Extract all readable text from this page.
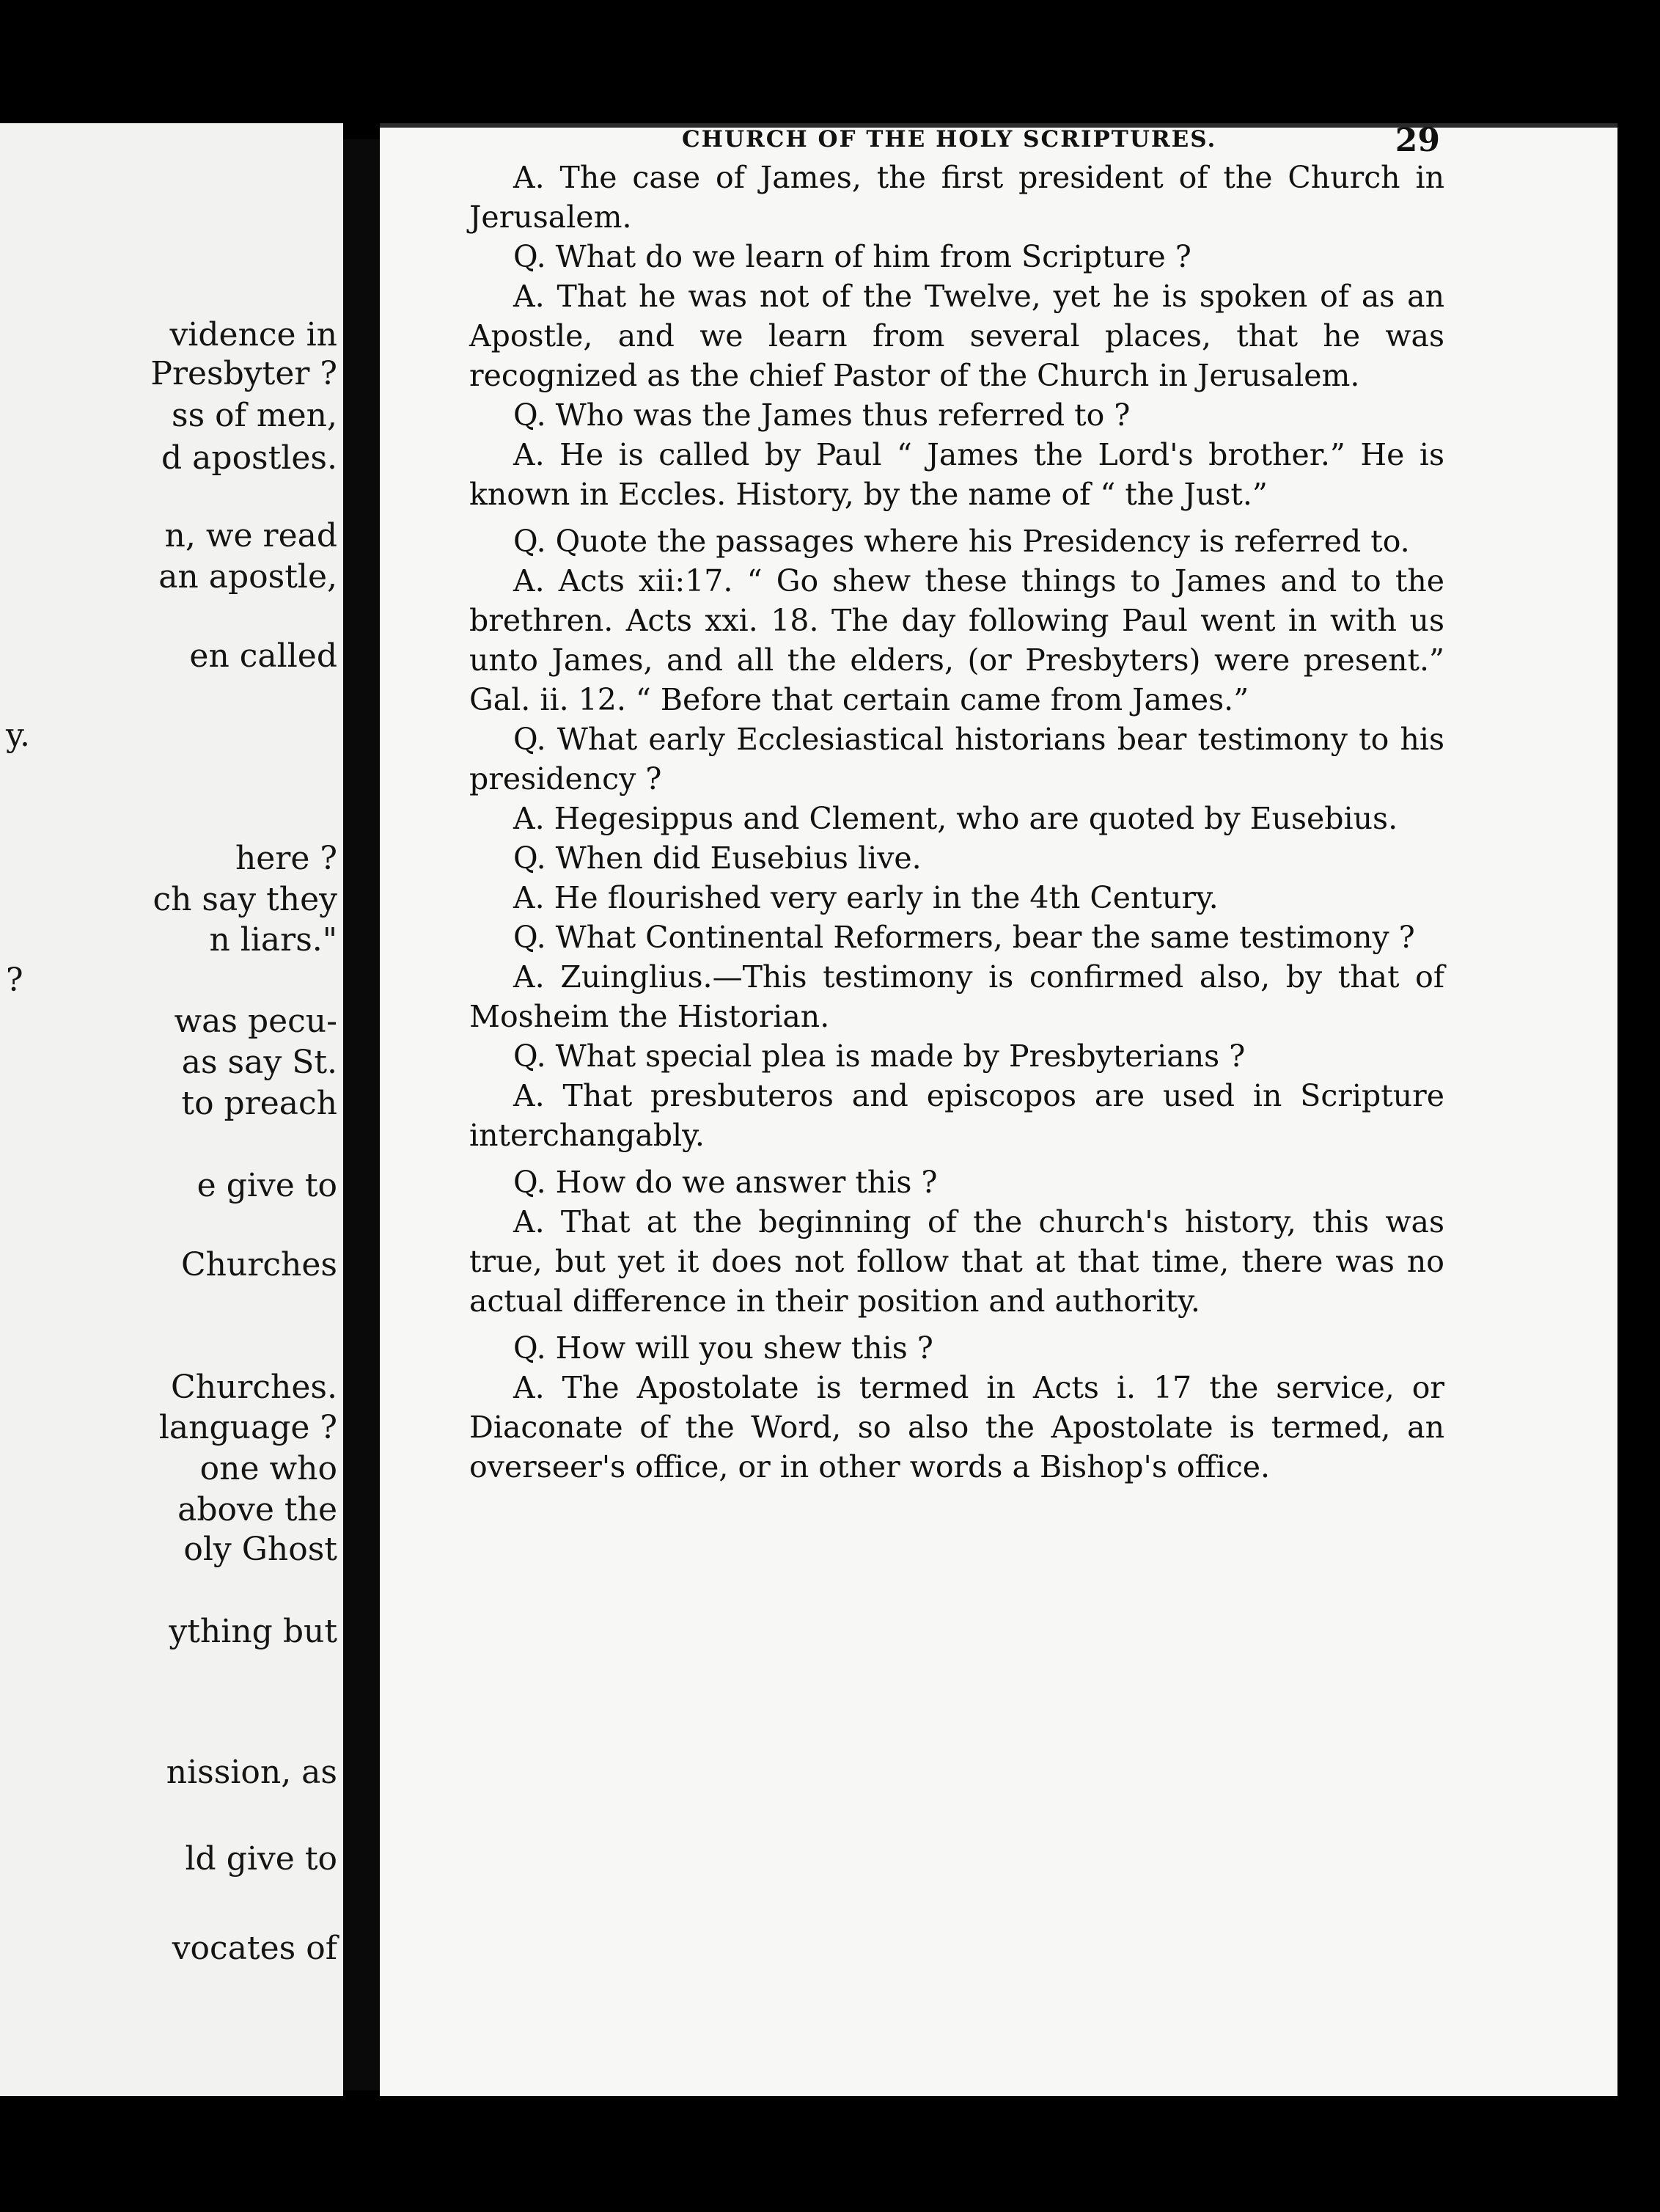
vidence in
Presbyter ?
ss of men,
d apostles.
n, we read
an apostle,
en called
y.
here ?
ch say they
n liars."
?
was pecu-
as say St.
to preach
e give to
Churches
Churches.
language ?
one who
above the
oly Ghost
ything but
nission, as
ld give to
vocates of
CHURCH OF THE HOLY SCRIPTURES.	29

A. The case of James, the first president of the Church in Jerusalem.

Q. What do we learn of him from Scripture ?

A. That he was not of the Twelve, yet he is spoken of as an Apostle, and we learn from several places, that he was recognized as the chief Pastor of the Church in Jerusalem.

Q. Who was the James thus referred to ?

A. He is called by Paul “ James the Lord's brother.” He is known in Eccles. History, by the name of “ the Just.”

Q. Quote the passages where his Presidency is referred to.

A. Acts xii:17. “ Go shew these things to James and to the brethren. Acts xxi. 18. The day following Paul went in with us unto James, and all the elders, (or Presbyters) were present.” Gal. ii. 12. “ Before that certain came from James.”

Q. What early Ecclesiastical historians bear testimony to his presidency ?

A. Hegesippus and Clement, who are quoted by Eusebius.

Q. When did Eusebius live.

A. He flourished very early in the 4th Century.

Q. What Continental Reformers, bear the same testimony ?

A. Zuinglius.—This testimony is confirmed also, by that of Mosheim the Historian.

Q. What special plea is made by Presbyterians ?

A. That presbuteros and episcopos are used in Scripture interchangably.

Q. How do we answer this ?

A. That at the beginning of the church's history, this was true, but yet it does not follow that at that time, there was no actual difference in their position and authority.

Q. How will you shew this ?

A. The Apostolate is termed in Acts i. 17 the service, or Diaconate of the Word, so also the Apostolate is termed, an overseer's office, or in other words a Bishop's office.
